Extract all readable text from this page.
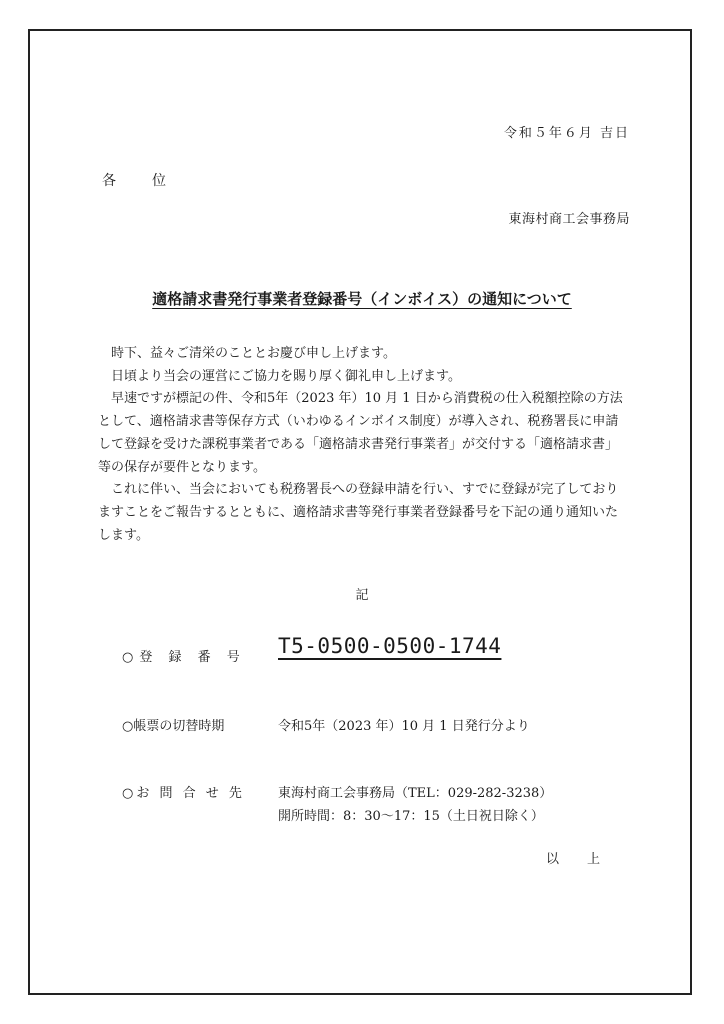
令和５年６月 吉日
各位
東海村商工会事務局
適格請求書発行事業者登録番号（インボイス）の通知について

時下、益々ご清栄のこととお慶び申し上げます。

日頃より当会の運営にご協力を賜り厚く御礼申し上げます。

早速ですが標記の件、令和5年（2023 年）10 月 1 日から消費税の仕入税額控除の方法として、適格請求書等保存方式（いわゆるインボイス制度）が導入され、税務署長に申請して登録を受けた課税事業者である「適格請求書発行事業者」が交付する「適格請求書」等の保存が要件となります。

これに伴い、当会においても税務署長への登録申請を行い、すでに登録が完了しておりますことをご報告するとともに、適格請求書等発行事業者登録番号を下記の通り通知いたします。

記
○登 録 番 号 T5-0500-0500-1744
○帳票の切替時期	令和5年（2023 年）10 月 1 日発行分より
○お 問 合 せ 先	東海村商工会事務局（TEL：029-282-3238）
開所時間：8：30～17：15（土日祝日除く）
以上
